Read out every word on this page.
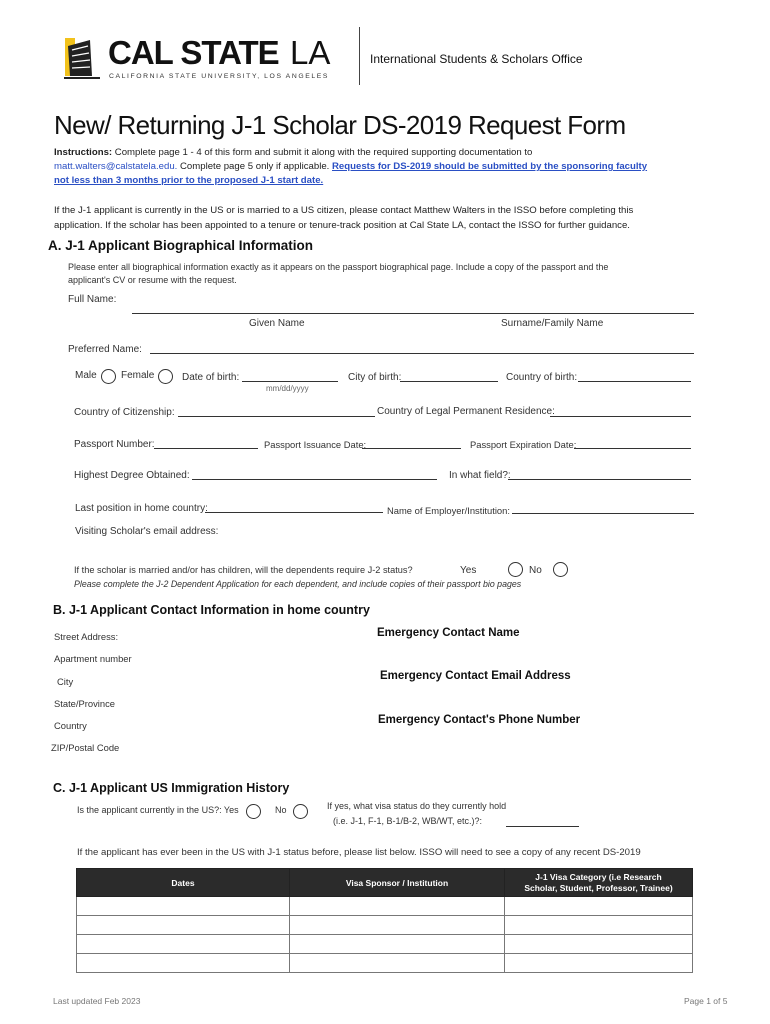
CAL STATE LA
CALIFORNIA STATE UNIVERSITY, LOS ANGELES
International Students & Scholars Office
New/ Returning J-1 Scholar DS-2019 Request Form
Instructions: Complete page 1 - 4 of this form and submit it along with the required supporting documentation to
matt.walters@calstatela.edu. Complete page 5 only if applicable. Requests for DS-2019 should be submitted by the sponsoring faculty
not less than 3 months prior to the proposed J-1 start date.
If the J-1 applicant is currently in the US or is married to a US citizen, please contact Matthew Walters in the ISSO before completing this
application. If the scholar has been appointed to a tenure or tenure-track position at Cal State LA, contact the ISSO for further guidance.
A. J-1 Applicant Biographical Information
Please enter all biographical information exactly as it appears on the passport biographical page. Include a copy of the passport and the
applicant's CV or resume with the request.
Full Name:
Given Name	Surname/Family Name
Preferred Name:
Male Female	Date of birth:
mm/dd/yyyy
City of birth:	Country of birth:
Country of Citizenship:	Country of Legal Permanent Residence:
Passport Number:	Passport Issuance Date:	Passport Expiration Date:
Highest Degree Obtained:	In what field?:
Last position in home country:	Name of Employer/Institution:
Visiting Scholar's email address:
If the scholar is married and/or has children, will the dependents require J-2 status?	Yes	No
Please complete the J-2 Dependent Application for each dependent, and include copies of their passport bio pages
B. J-1 Applicant Contact Information in home country
Street Address:
Apartment number
City
State/Province
Country
ZIP/Postal Code
Emergency Contact Name
Emergency Contact Email Address
Emergency Contact's Phone Number
C. J-1 Applicant US Immigration History
Is the applicant currently in the US?: Yes	No	If yes, what visa status do they currently hold
(i.e. J-1, F-1, B-1/B-2, WB/WT, etc.)?:
If the applicant has ever been in the US with J-1 status before, please list below. ISSO will need to see a copy of any recent DS-2019
Dates	Visa Sponsor / Institution	J-1 Visa Category (i.e Research
Scholar, Student, Professor, Trainee)

Last updated Feb 2023	Page 1 of 5
